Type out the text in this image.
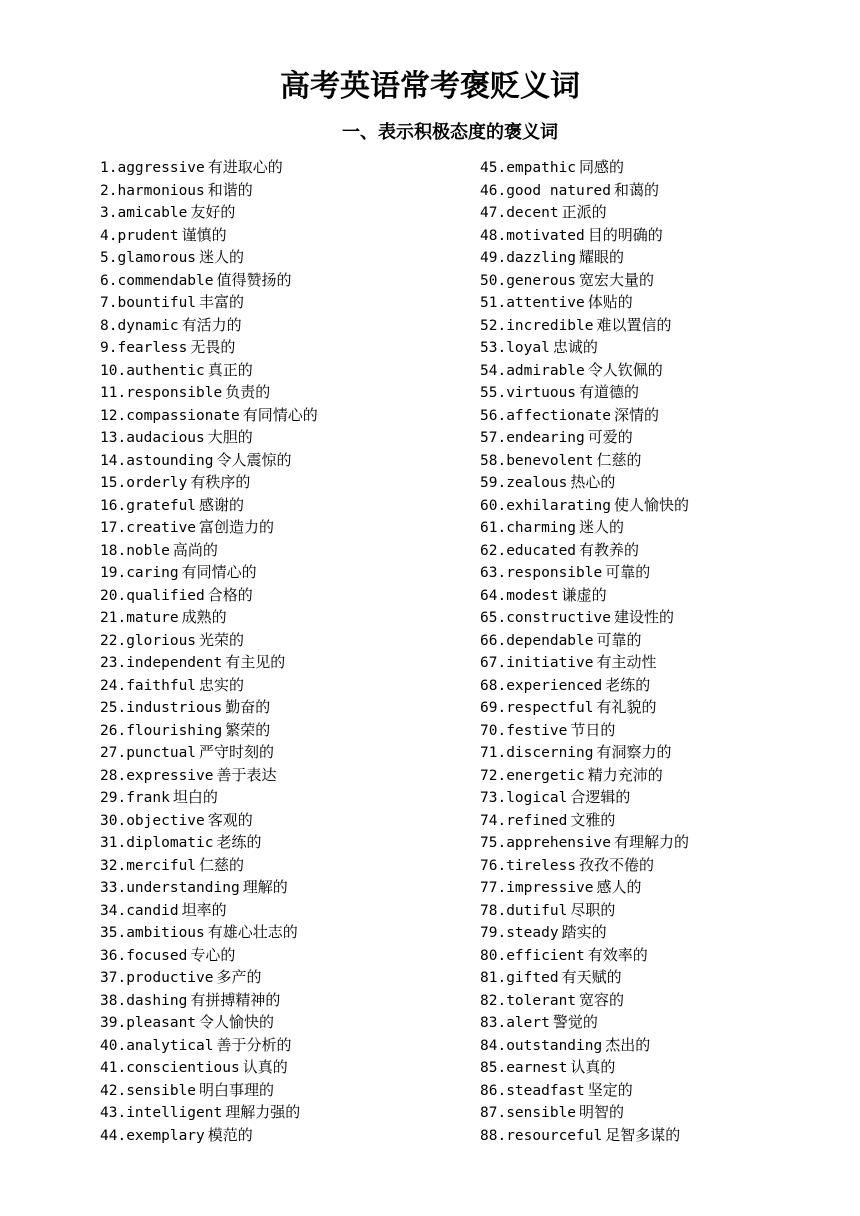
高考英语常考褒贬义词
一、表示积极态度的褒义词
1.aggressive 有进取心的
2.harmonious 和谐的
3.amicable 友好的
4.prudent 谨慎的
5.glamorous 迷人的
6.commendable 值得赞扬的
7.bountiful 丰富的
8.dynamic 有活力的
9.fearless 无畏的
10.authentic 真正的
11.responsible 负责的
12.compassionate 有同情心的
13.audacious 大胆的
14.astounding 令人震惊的
15.orderly 有秩序的
16.grateful 感谢的
17.creative 富创造力的
18.noble 高尚的
19.caring 有同情心的
20.qualified 合格的
21.mature 成熟的
22.glorious 光荣的
23.independent 有主见的
24.faithful 忠实的
25.industrious 勤奋的
26.flourishing 繁荣的
27.punctual 严守时刻的
28.expressive 善于表达
29.frank 坦白的
30.objective 客观的
31.diplomatic 老练的
32.merciful 仁慈的
33.understanding 理解的
34.candid 坦率的
35.ambitious 有雄心壮志的
36.focused 专心的
37.productive 多产的
38.dashing 有拼搏精神的
39.pleasant 令人愉快的
40.analytical 善于分析的
41.conscientious 认真的
42.sensible 明白事理的
43.intelligent 理解力强的
44.exemplary 模范的
45.empathic 同感的
46.good natured 和蔼的
47.decent 正派的
48.motivated 目的明确的
49.dazzling 耀眼的
50.generous 宽宏大量的
51.attentive 体贴的
52.incredible 难以置信的
53.loyal 忠诚的
54.admirable 令人钦佩的
55.virtuous 有道德的
56.affectionate 深情的
57.endearing 可爱的
58.benevolent 仁慈的
59.zealous 热心的
60.exhilarating 使人愉快的
61.charming 迷人的
62.educated 有教养的
63.responsible 可靠的
64.modest 谦虚的
65.constructive 建设性的
66.dependable 可靠的
67.initiative 有主动性
68.experienced 老练的
69.respectful 有礼貌的
70.festive 节日的
71.discerning 有洞察力的
72.energetic 精力充沛的
73.logical 合逻辑的
74.refined 文雅的
75.apprehensive 有理解力的
76.tireless 孜孜不倦的
77.impressive 感人的
78.dutiful 尽职的
79.steady 踏实的
80.efficient 有效率的
81.gifted 有天赋的
82.tolerant 宽容的
83.alert 警觉的
84.outstanding 杰出的
85.earnest 认真的
86.steadfast 坚定的
87.sensible 明智的
88.resourceful 足智多谋的
